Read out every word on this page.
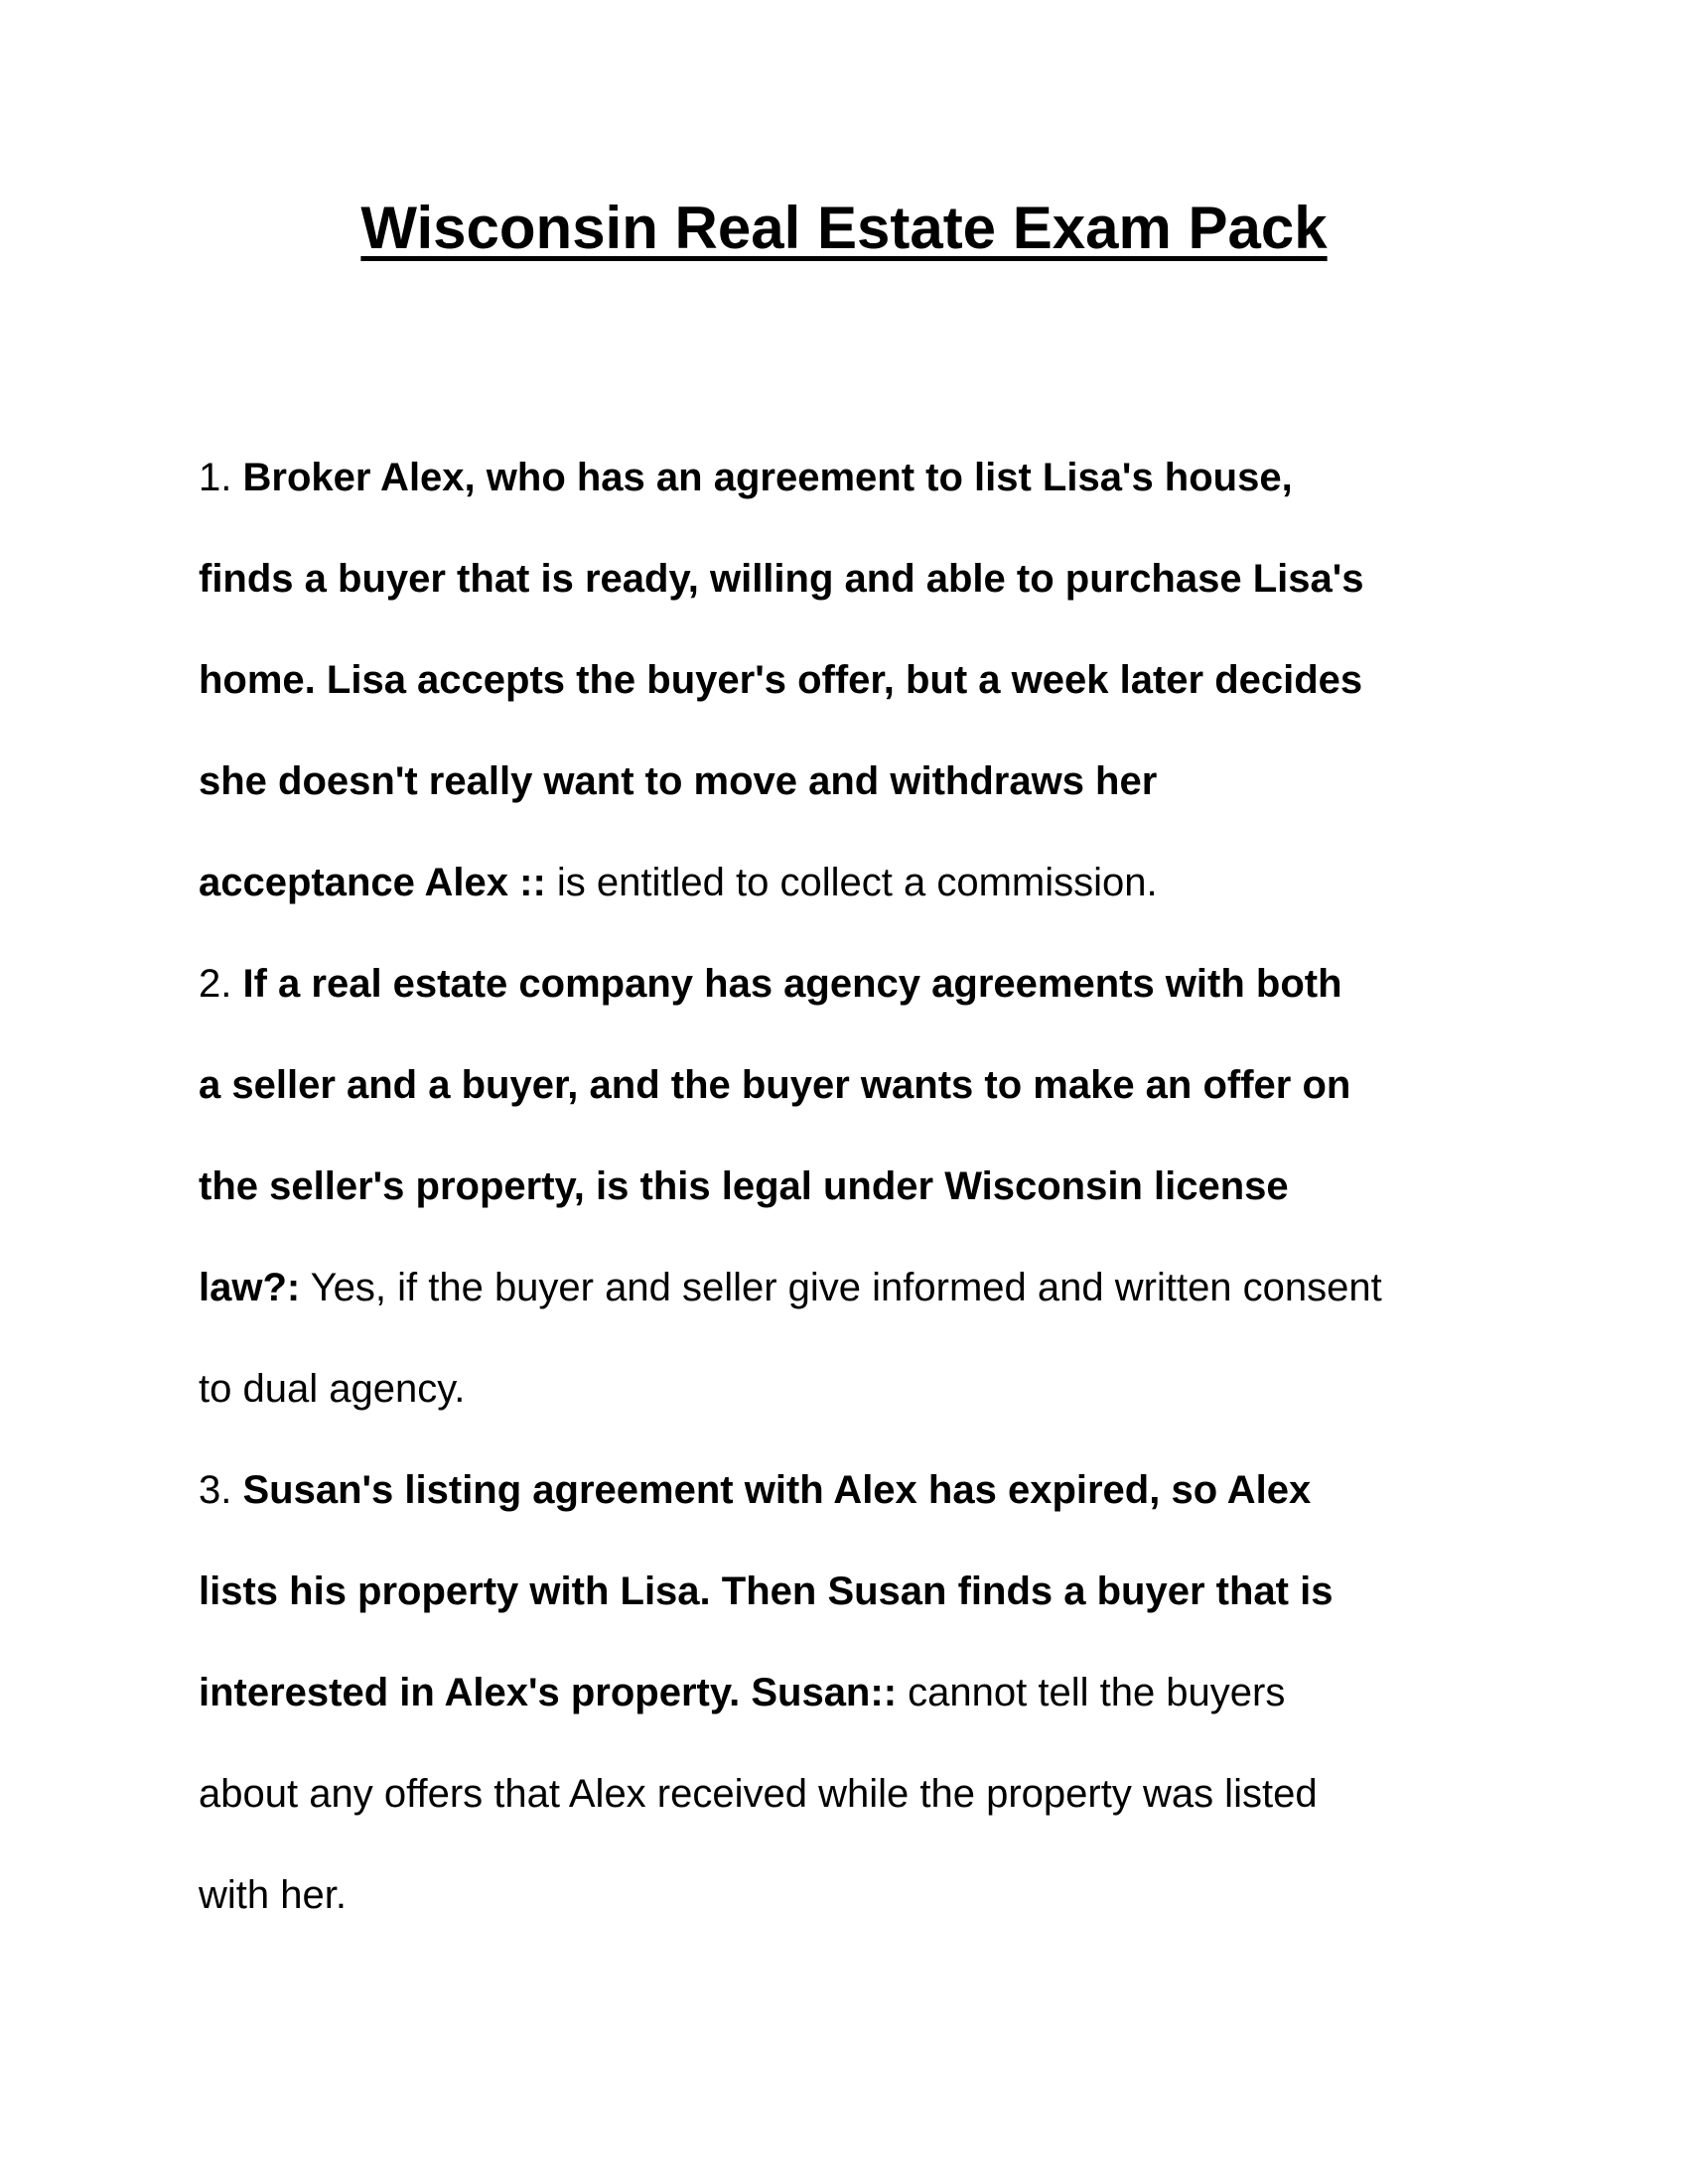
Wisconsin Real Estate Exam Pack
1. Broker Alex, who has an agreement to list Lisa's house,
finds a buyer that is ready, willing and able to purchase Lisa's
home. Lisa accepts the buyer's offer, but a week later decides
she doesn't really want to move and withdraws her
acceptance Alex :: is entitled to collect a commission.
2. If a real estate company has agency agreements with both
a seller and a buyer, and the buyer wants to make an offer on
the seller's property, is this legal under Wisconsin license
law?: Yes, if the buyer and seller give informed and written consent
to dual agency.
3. Susan's listing agreement with Alex has expired, so Alex
lists his property with Lisa. Then Susan finds a buyer that is
interested in Alex's property. Susan:: cannot tell the buyers
about any offers that Alex received while the property was listed
with her.
